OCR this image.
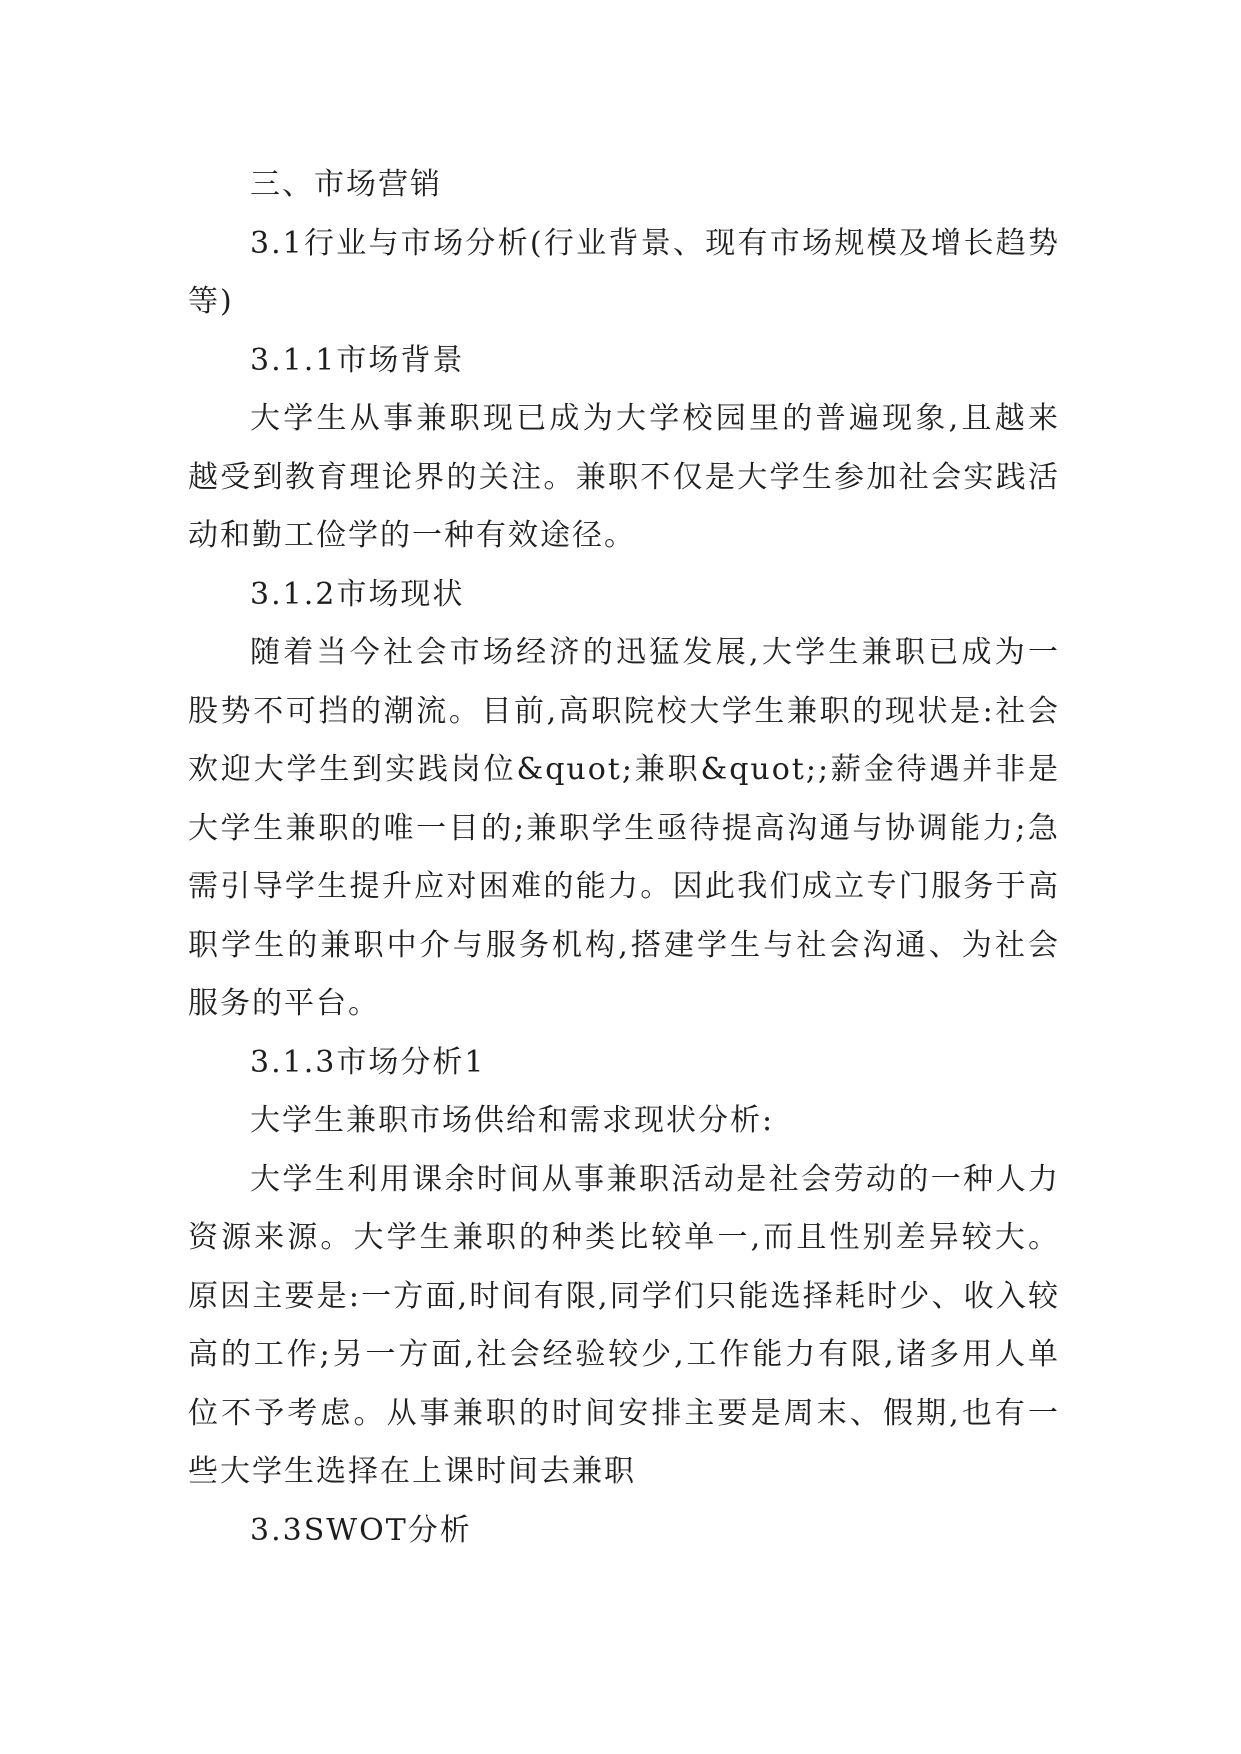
三、市场营销

3.1行业与市场分析(行业背景、现有市场规模及增长趋势等)

3.1.1市场背景

大学生从事兼职现已成为大学校园里的普遍现象,且越来越受到教育理论界的关注。兼职不仅是大学生参加社会实践活动和勤工俭学的一种有效途径。

3.1.2市场现状

随着当今社会市场经济的迅猛发展,大学生兼职已成为一股势不可挡的潮流。目前,高职院校大学生兼职的现状是:社会欢迎大学生到实践岗位&quot;兼职&quot;;薪金待遇并非是大学生兼职的唯一目的;兼职学生亟待提高沟通与协调能力;急需引导学生提升应对困难的能力。因此我们成立专门服务于高职学生的兼职中介与服务机构,搭建学生与社会沟通、为社会服务的平台。

3.1.3市场分析1

大学生兼职市场供给和需求现状分析:

大学生利用课余时间从事兼职活动是社会劳动的一种人力资源来源。大学生兼职的种类比较单一,而且性别差异较大。原因主要是:一方面,时间有限,同学们只能选择耗时少、收入较高的工作;另一方面,社会经验较少,工作能力有限,诸多用人单位不予考虑。从事兼职的时间安排主要是周末、假期,也有一些大学生选择在上课时间去兼职

3.3SWOT分析
